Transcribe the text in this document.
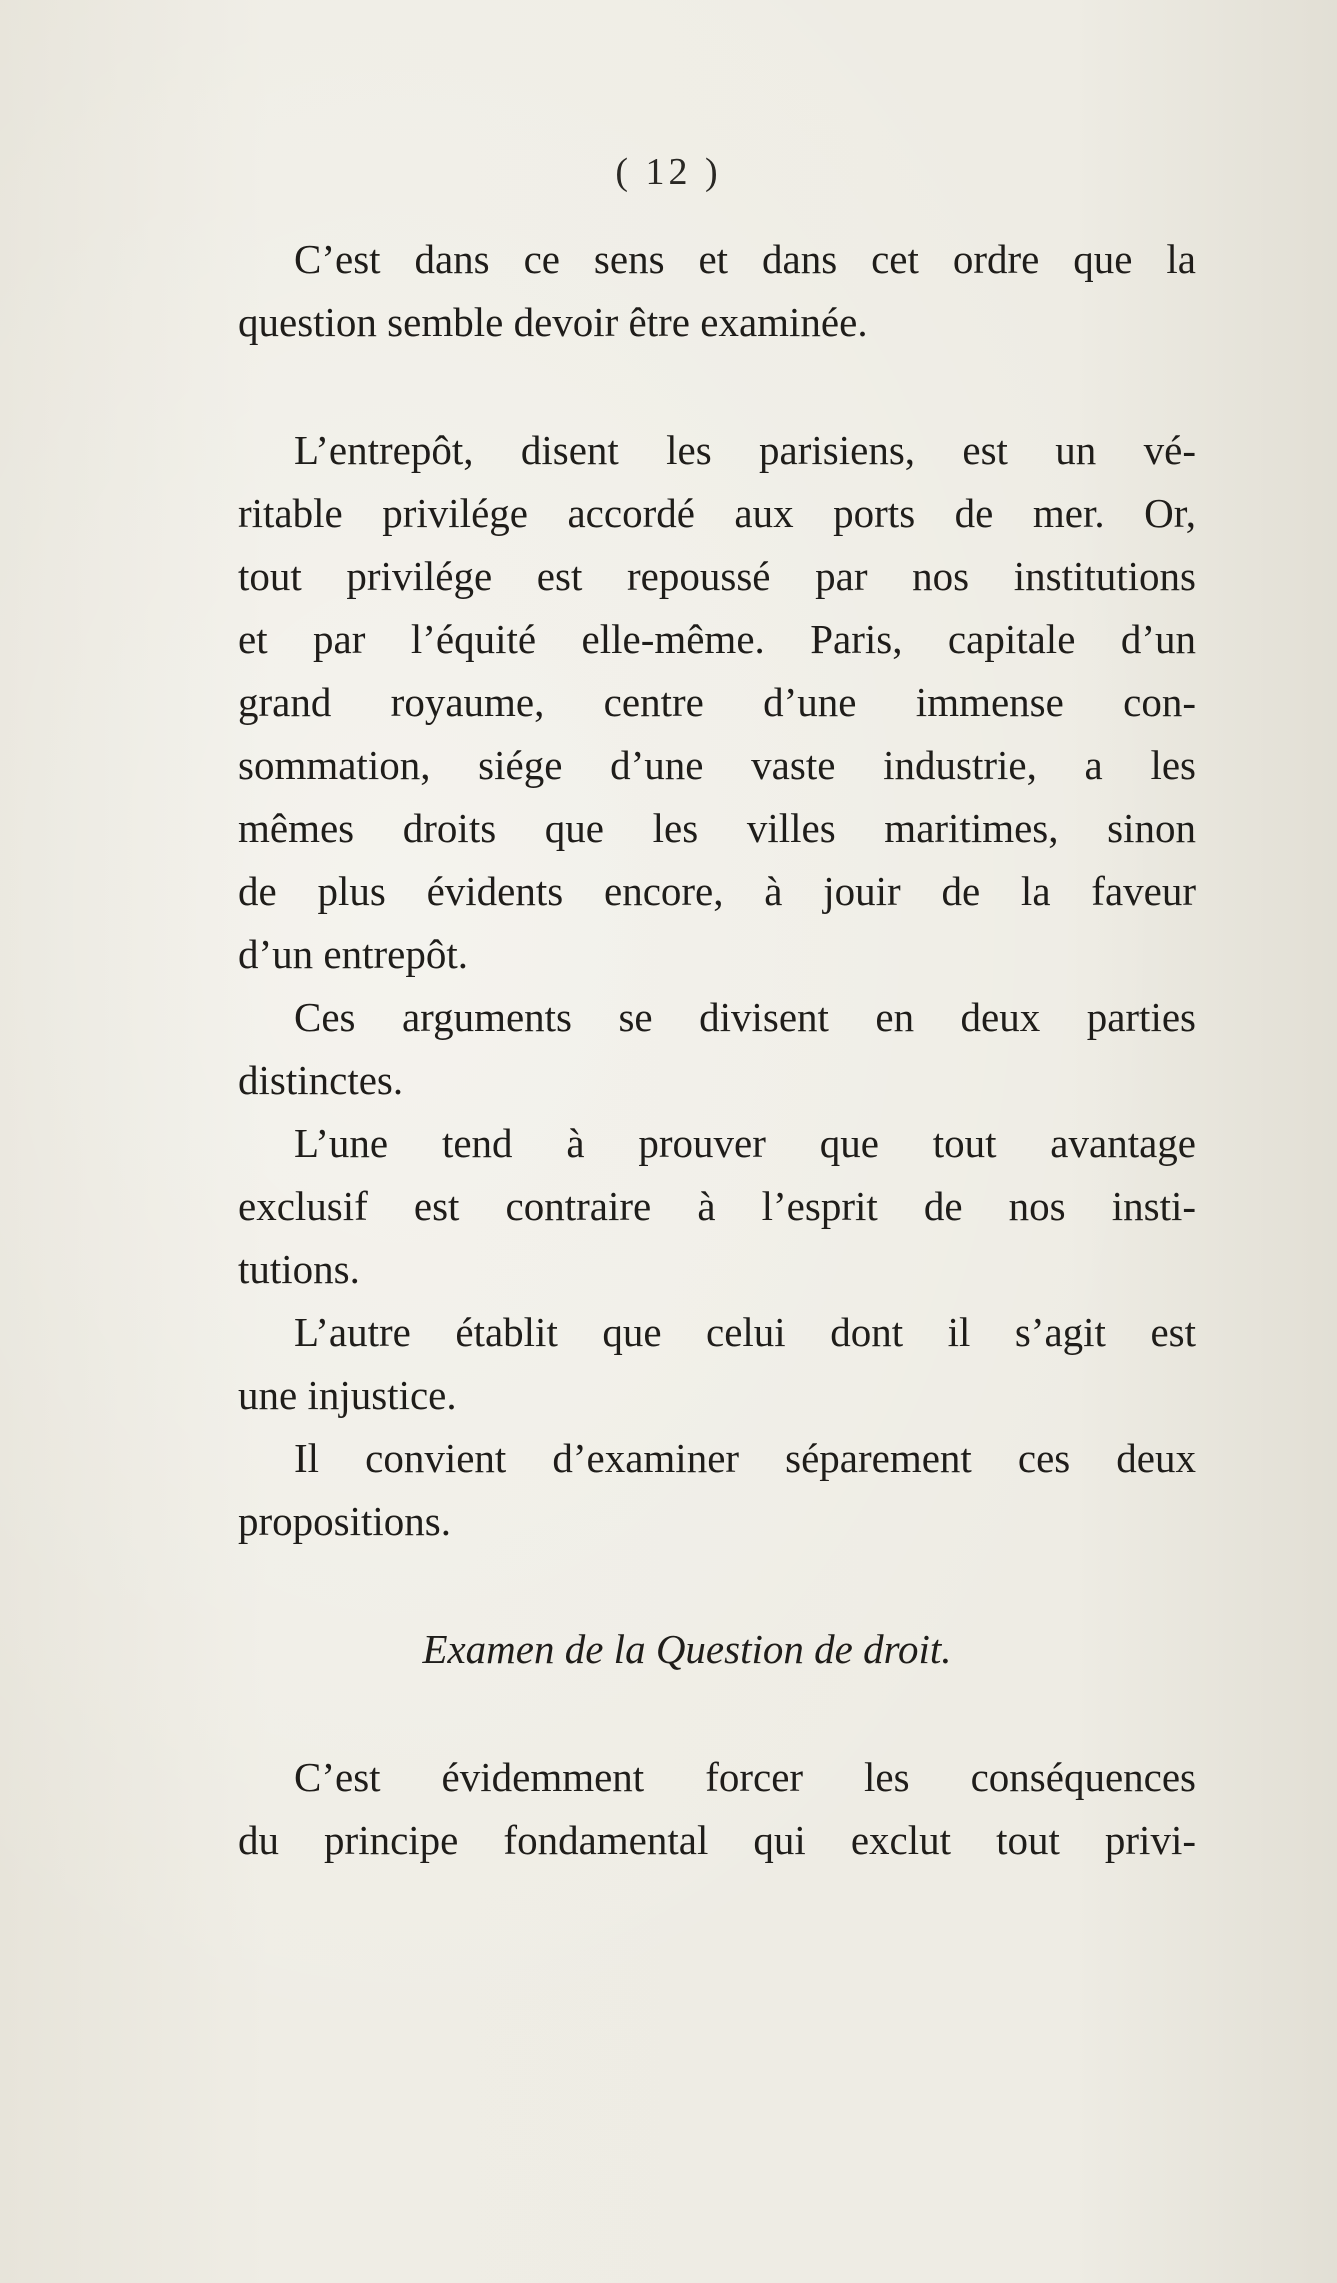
( 12 )
C’est dans ce sens et dans cet ordre que la
question semble devoir être examinée.
L’entrepôt, disent les parisiens, est un vé-
ritable privilége accordé aux ports de mer. Or,
tout privilége est repoussé par nos institutions
et par l’équité elle-même. Paris, capitale d’un
grand royaume, centre d’une immense con-
sommation, siége d’une vaste industrie, a les
mêmes droits que les villes maritimes, sinon
de plus évidents encore, à jouir de la faveur
d’un entrepôt.
Ces arguments se divisent en deux parties
distinctes.
L’une tend à prouver que tout avantage
exclusif est contraire à l’esprit de nos insti-
tutions.
L’autre établit que celui dont il s’agit est
une injustice.
Il convient d’examiner séparement ces deux
propositions.
Examen de la Question de droit.
C’est évidemment forcer les conséquences
du principe fondamental qui exclut tout privi-
